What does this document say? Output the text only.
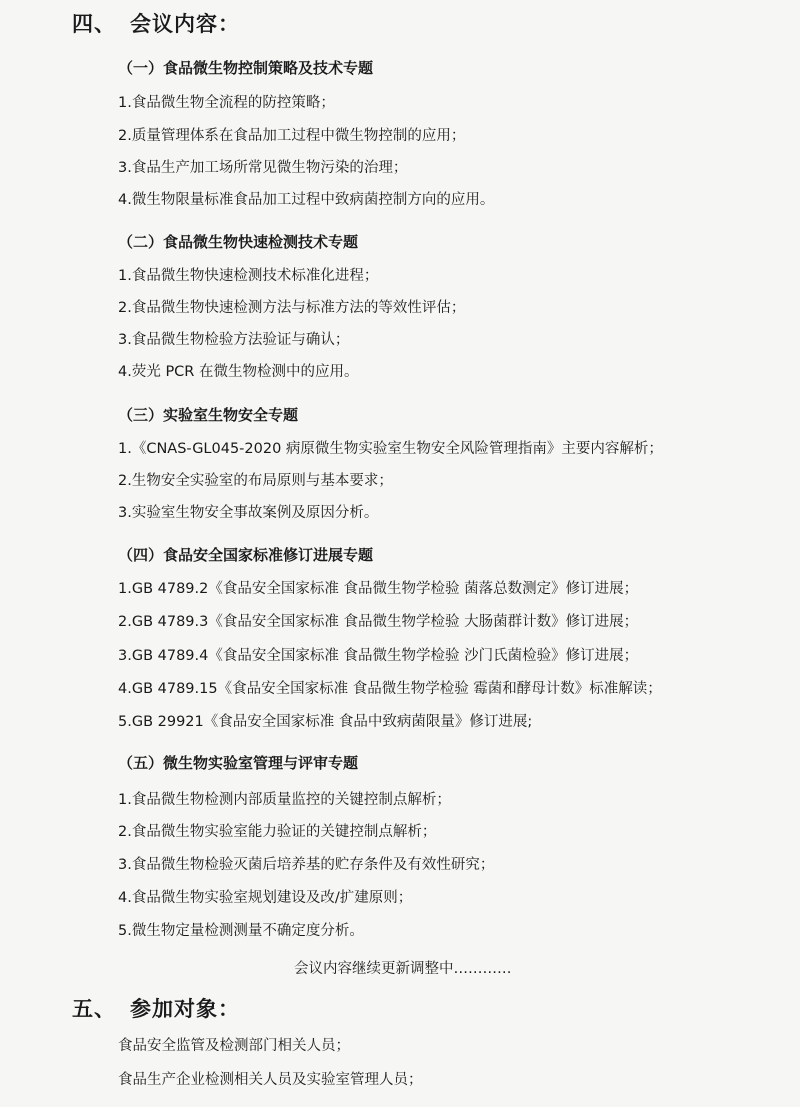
四、 会议内容：
（一）食品微生物控制策略及技术专题
1.食品微生物全流程的防控策略；
2.质量管理体系在食品加工过程中微生物控制的应用；
3.食品生产加工场所常见微生物污染的治理；
4.微生物限量标准食品加工过程中致病菌控制方向的应用。
（二）食品微生物快速检测技术专题
1.食品微生物快速检测技术标准化进程；
2.食品微生物快速检测方法与标准方法的等效性评估；
3.食品微生物检验方法验证与确认；
4.荧光 PCR 在微生物检测中的应用。
（三）实验室生物安全专题
1.《CNAS-GL045-2020 病原微生物实验室生物安全风险管理指南》主要内容解析；
2.生物安全实验室的布局原则与基本要求；
3.实验室生物安全事故案例及原因分析。
（四）食品安全国家标准修订进展专题
1.GB 4789.2《食品安全国家标准 食品微生物学检验 菌落总数测定》修订进展；
2.GB 4789.3《食品安全国家标准 食品微生物学检验 大肠菌群计数》修订进展；
3.GB 4789.4《食品安全国家标准 食品微生物学检验 沙门氏菌检验》修订进展；
4.GB 4789.15《食品安全国家标准 食品微生物学检验 霉菌和酵母计数》标准解读；
5.GB 29921《食品安全国家标准 食品中致病菌限量》修订进展;
（五）微生物实验室管理与评审专题
1.食品微生物检测内部质量监控的关键控制点解析；
2.食品微生物实验室能力验证的关键控制点解析；
3.食品微生物检验灭菌后培养基的贮存条件及有效性研究；
4.食品微生物实验室规划建设及改/扩建原则；
5.微生物定量检测测量不确定度分析。
会议内容继续更新调整中…………
五、 参加对象：
食品安全监管及检测部门相关人员；
食品生产企业检测相关人员及实验室管理人员；
